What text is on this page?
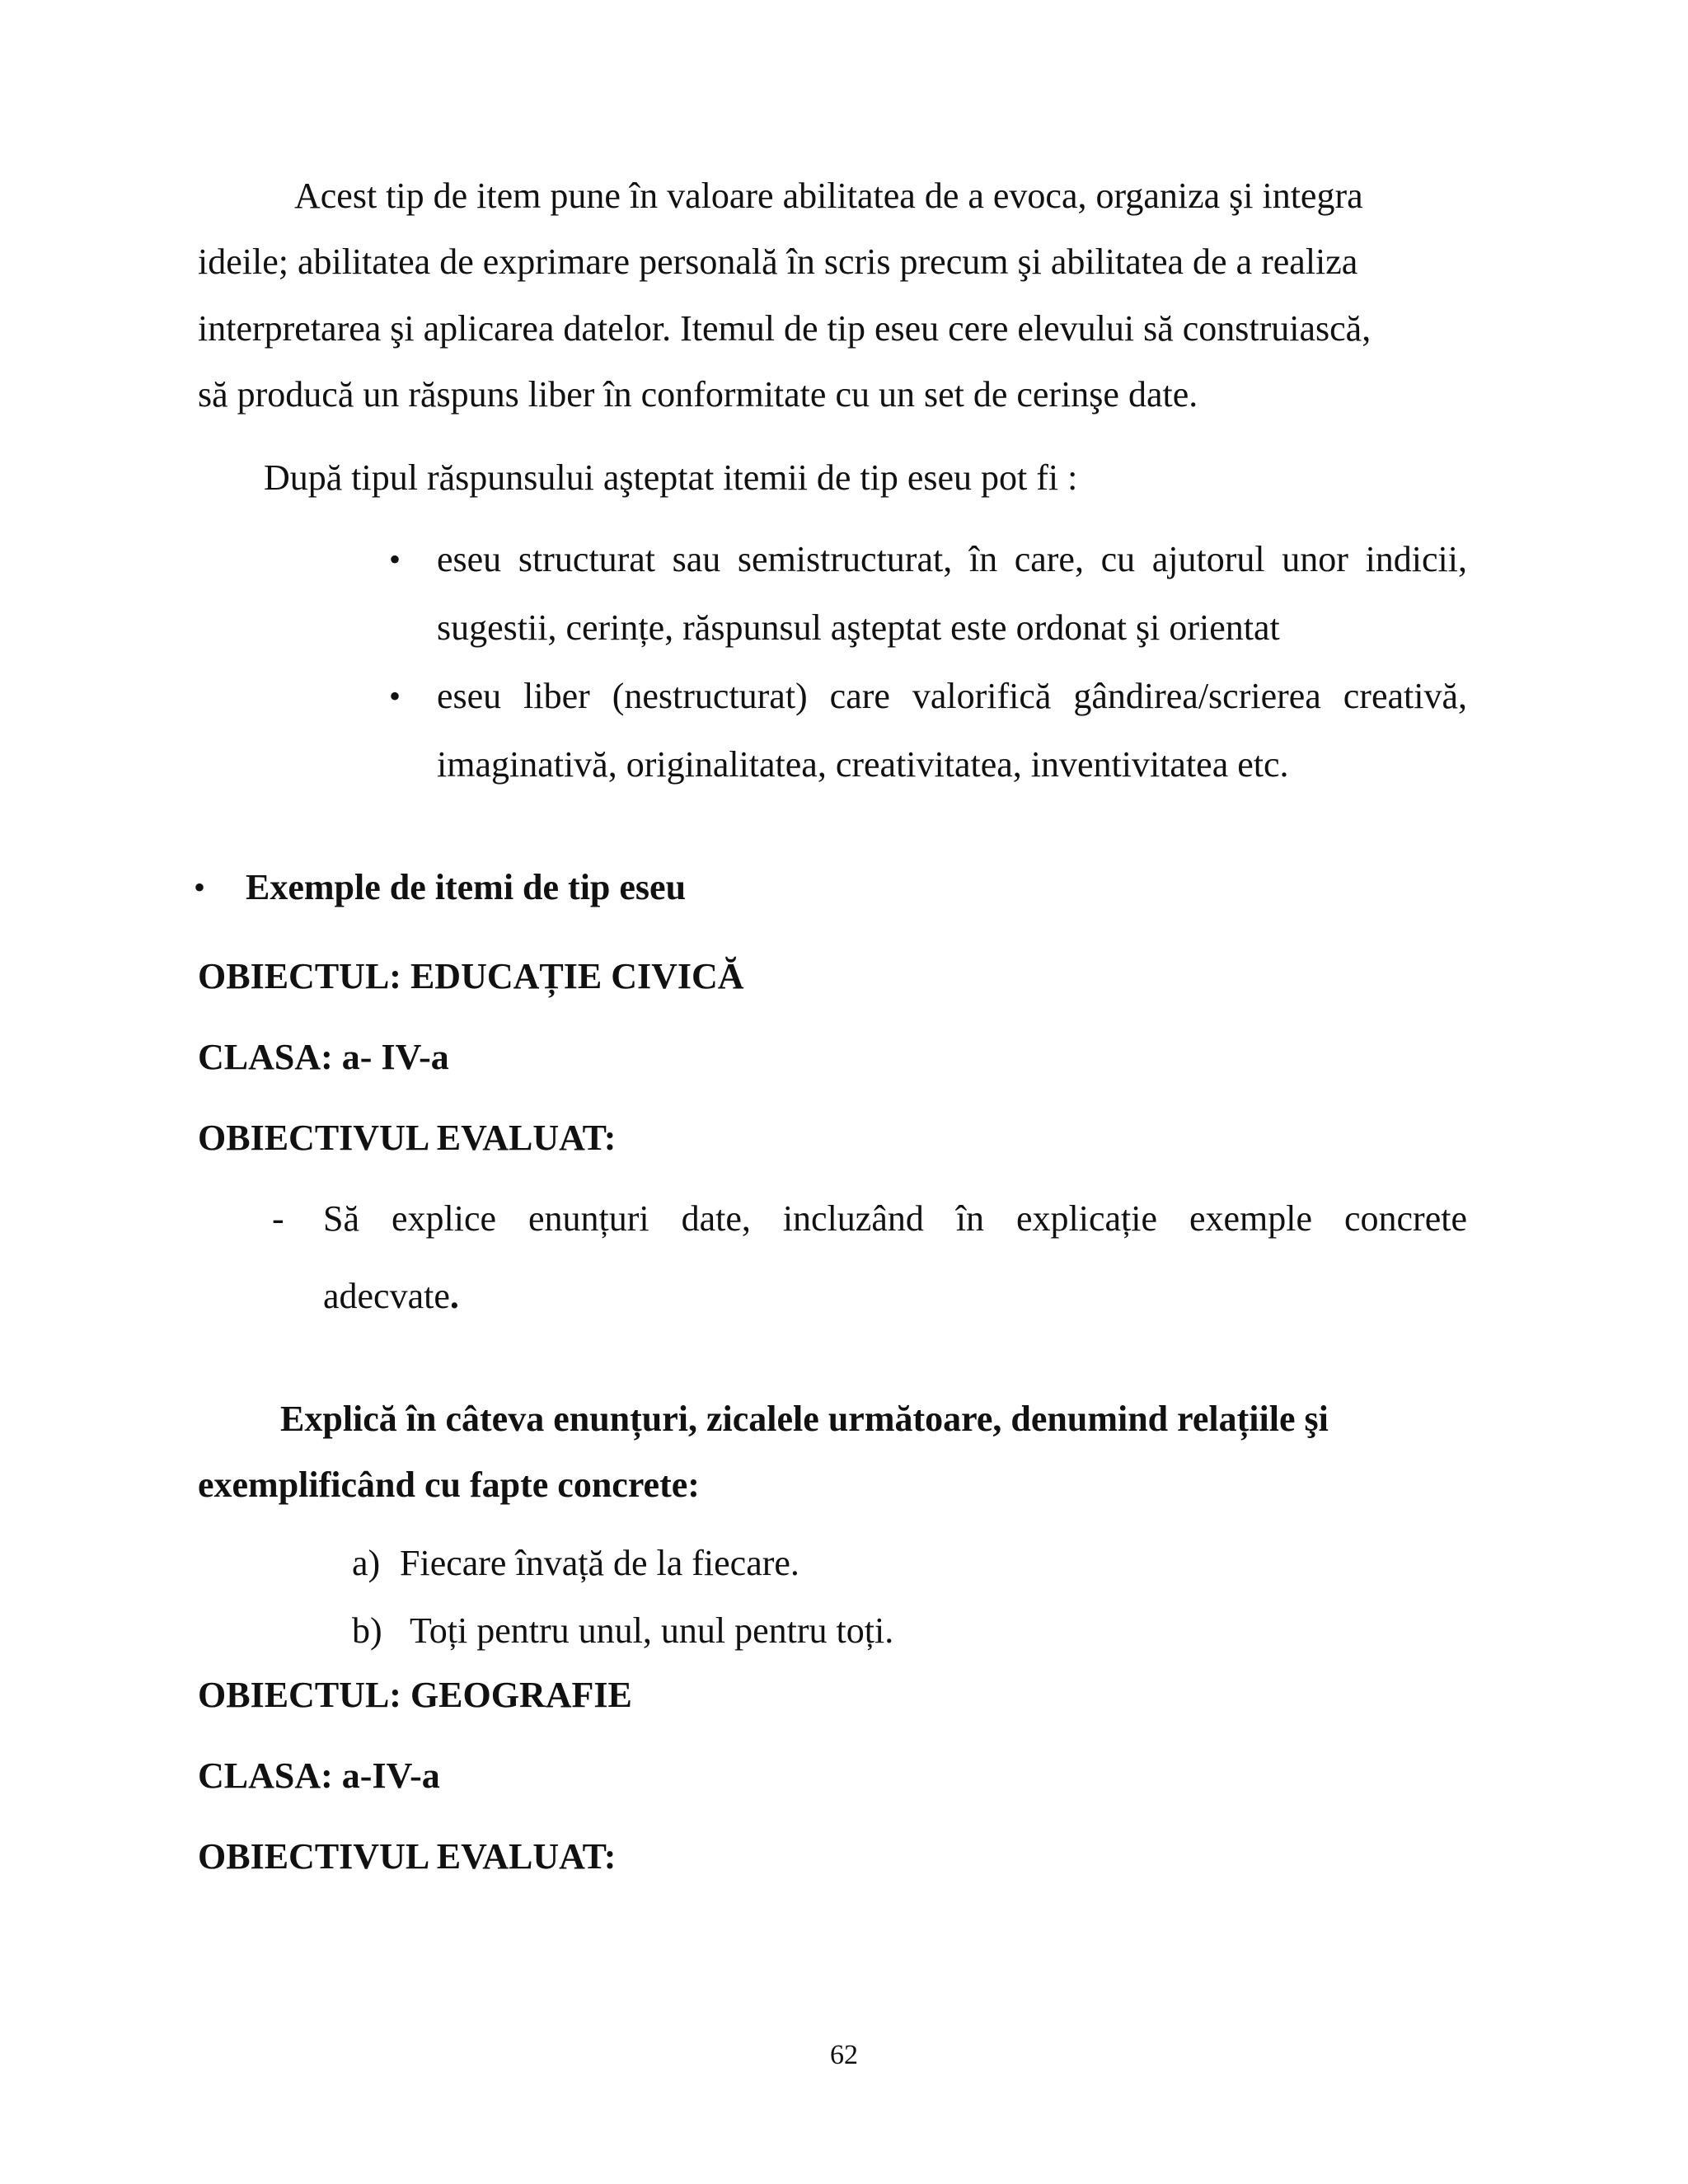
Acest tip de item pune în valoare abilitatea de a evoca, organiza şi integra
ideile; abilitatea de exprimare personală în scris precum şi abilitatea de a realiza
interpretarea şi aplicarea datelor. Itemul de tip eseu cere elevului să construiască,
să producă un răspuns liber în conformitate cu un set de cerinşe date.
După tipul răspunsului aşteptat itemii de tip eseu pot fi :
• eseu structurat sau semistructurat, în care, cu ajutorul unor indicii,
sugestii, cerințe, răspunsul aşteptat este ordonat şi orientat
• eseu liber (nestructurat) care valorifică gândirea/scrierea creativă,
imaginativă, originalitatea, creativitatea, inventivitatea etc.
• Exemple de itemi de tip eseu
OBIECTUL: EDUCAȚIE CIVICĂ
CLASA: a- IV-a
OBIECTIVUL EVALUAT:
- Să explice enunțuri date, incluzând în explicație exemple concrete
adecvate.
Explică în câteva enunțuri, zicalele următoare, denumind relațiile şi
exemplificând cu fapte concrete:
a) Fiecare învață de la fiecare.
b) Toți pentru unul, unul pentru toți.
OBIECTUL: GEOGRAFIE
CLASA: a-IV-a
OBIECTIVUL EVALUAT:
62
